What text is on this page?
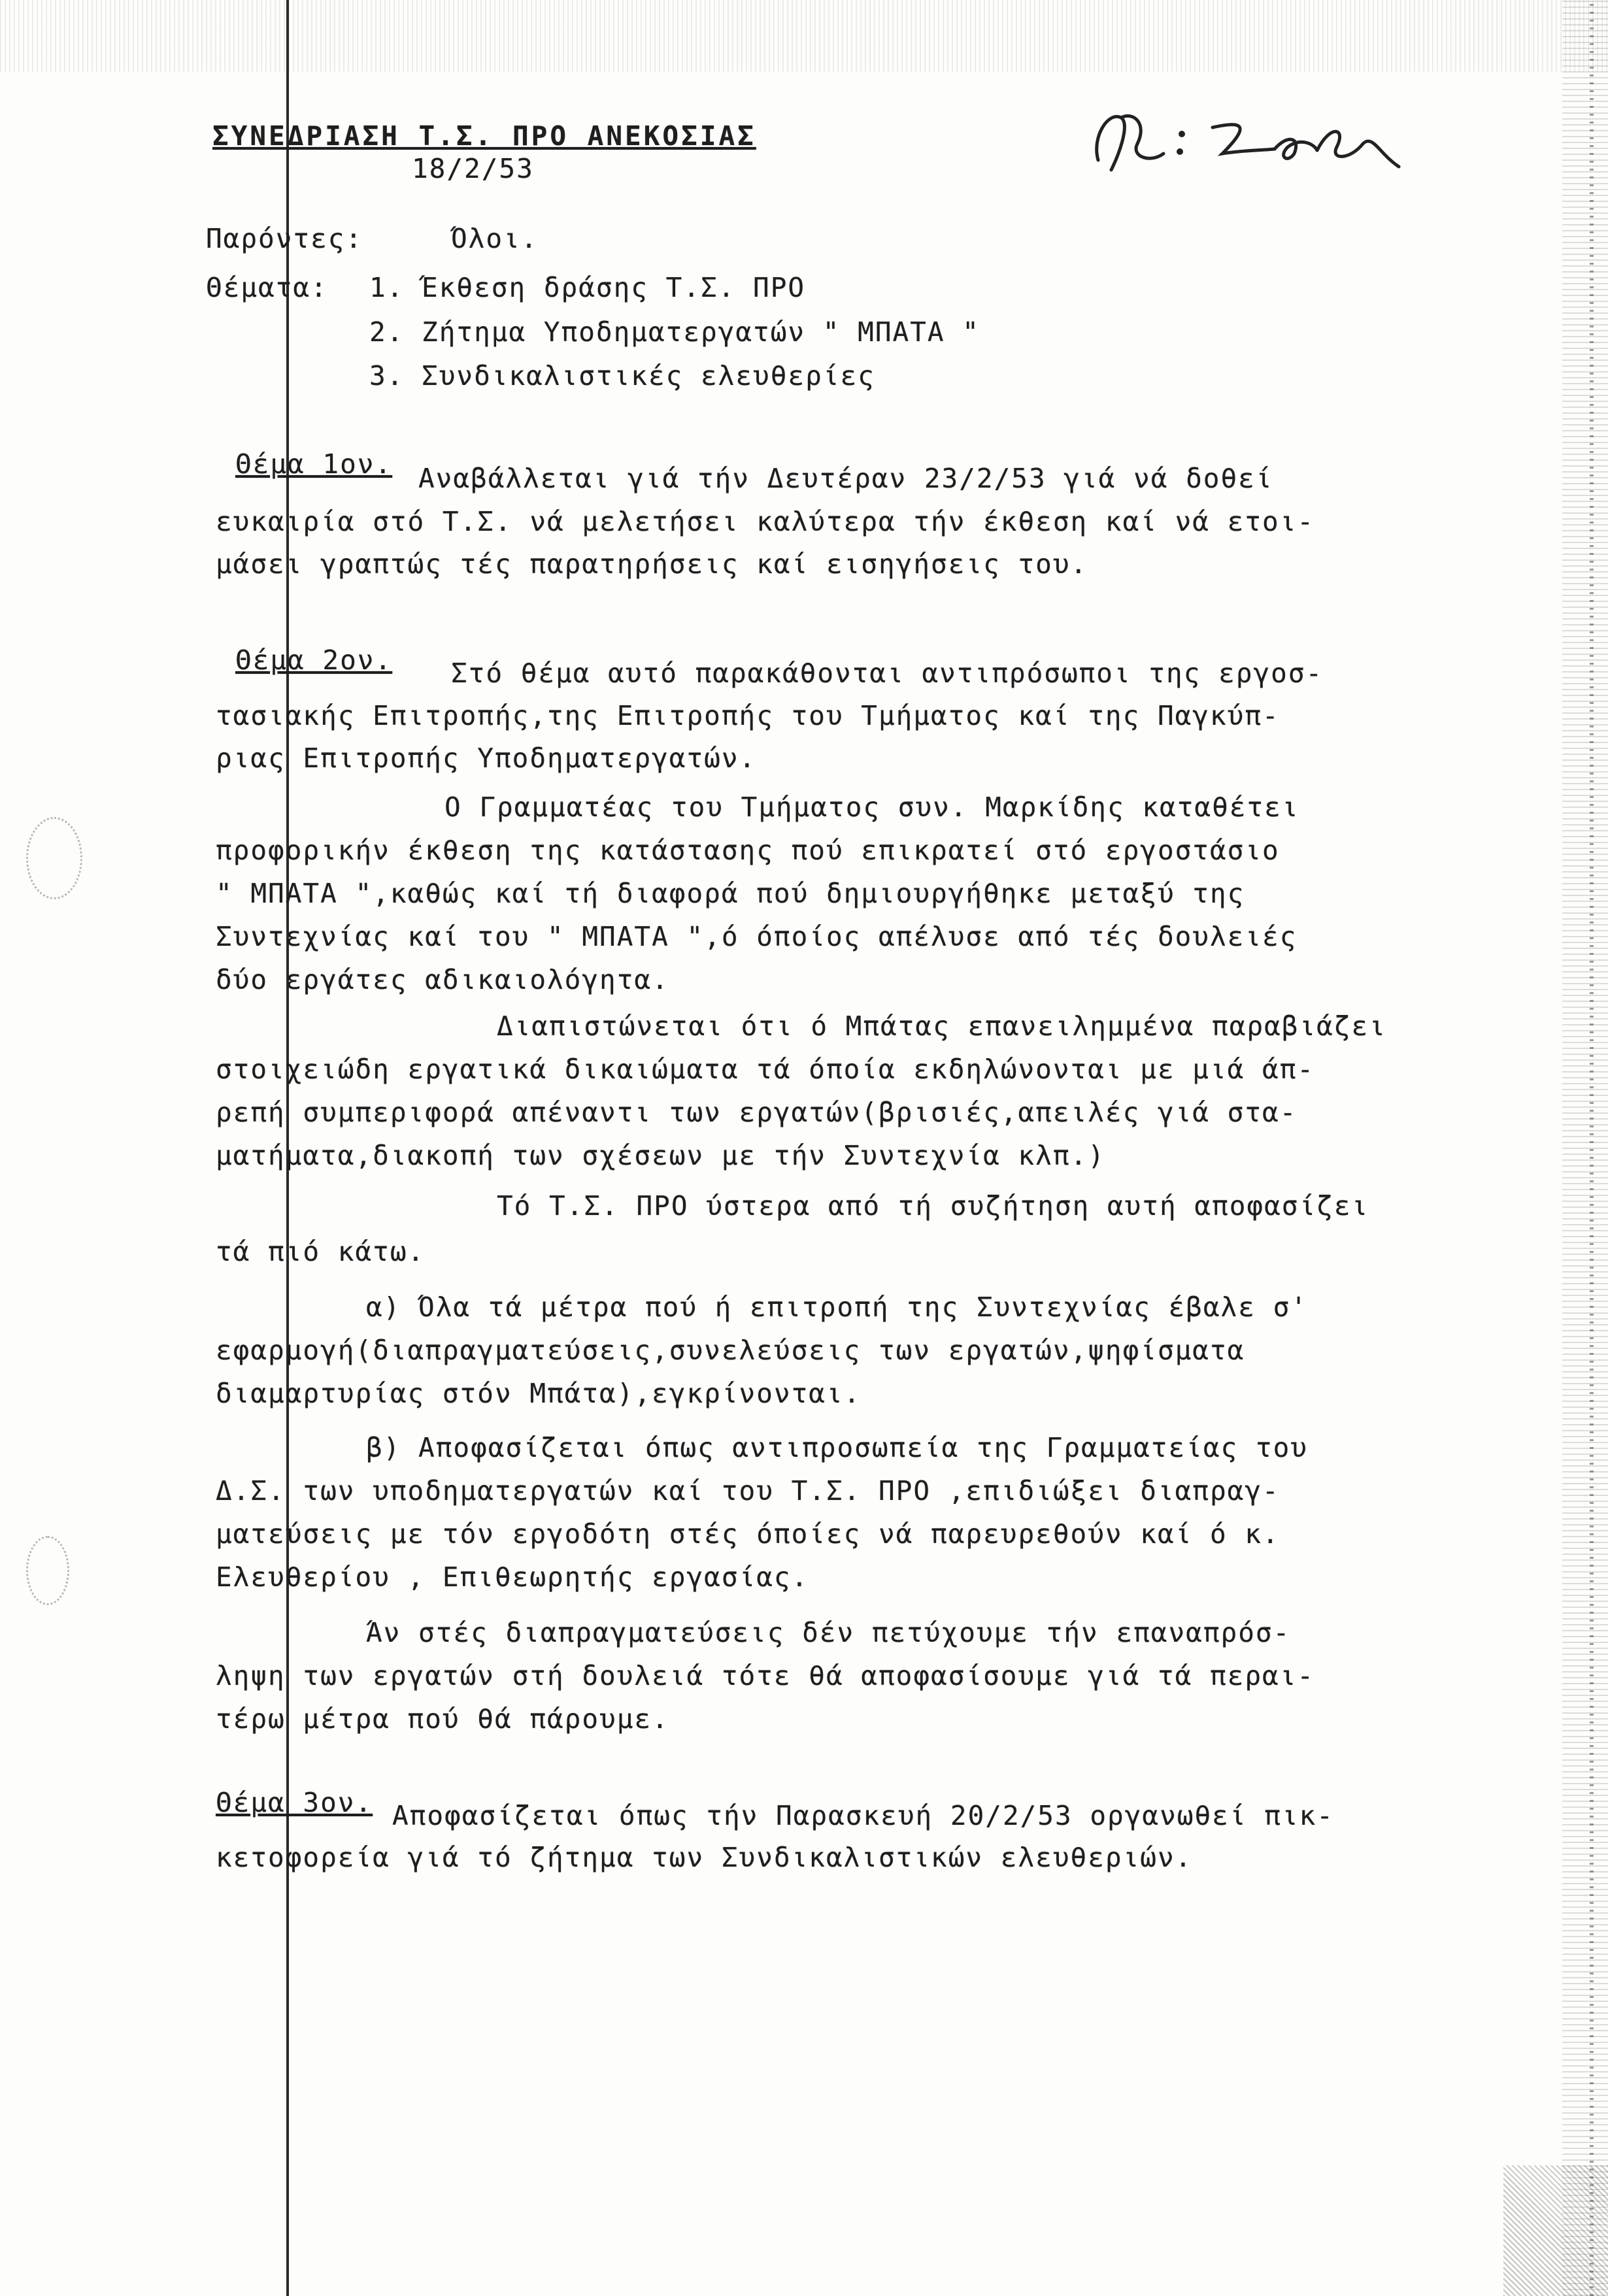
ΣΥΝΕΔΡΙΑΣΗ Τ.Σ. ΠΡΟ ΑΝΕΚΟΣΙΑΣ
18/2/53
Παρόντες:	Όλοι.
Θέματα: 1. Έκθεση δράσης Τ.Σ. ΠΡΟ
2. Ζήτημα Υποδηματεργατών " ΜΠΑΤΑ "
3. Συνδικαλιστικές ελευθερίες
Θέμα 1ον. Αναβάλλεται γιά τήν Δευτέραν 23/2/53 γιά νά δοθεί
ευκαιρία στό Τ.Σ. νά μελετήσει καλύτερα τήν έκθεση καί νά ετοι-
μάσει γραπτώς τές παρατηρήσεις καί εισηγήσεις του.
Θέμα 2ον. Στό θέμα αυτό παρακάθονται αντιπρόσωποι της εργοσ-
τασιακής Επιτροπής,της Επιτροπής του Τμήματος καί της Παγκύπ-
ριας Επιτροπής Υποδηματεργατών.
Ο Γραμματέας του Τμήματος συν. Μαρκίδης καταθέτει
προφορικήν έκθεση της κατάστασης πού επικρατεί στό εργοστάσιο
" ΜΠΑΤΑ ",καθώς καί τή διαφορά πού δημιουργήθηκε μεταξύ της
Συντεχνίας καί του " ΜΠΑΤΑ ",ό όποίος απέλυσε από τές δουλειές
δύο εργάτες αδικαιολόγητα.
Διαπιστώνεται ότι ό Μπάτας επανειλημμένα παραβιάζει
στοιχειώδη εργατικά δικαιώματα τά όποία εκδηλώνονται με μιά άπ-
ρεπή συμπεριφορά απέναντι των εργατών(βρισιές,απειλές γιά στα-
ματήματα,διακοπή των σχέσεων με τήν Συντεχνία κλπ.)
Τό Τ.Σ. ΠΡΟ ύστερα από τή συζήτηση αυτή αποφασίζει
τά πιό κάτω.
α) Όλα τά μέτρα πού ή επιτροπή της Συντεχνίας έβαλε σ'
εφαρμογή(διαπραγματεύσεις,συνελεύσεις των εργατών,ψηφίσματα
διαμαρτυρίας στόν Μπάτα),εγκρίνονται.
β) Αποφασίζεται όπως αντιπροσωπεία της Γραμματείας του
Δ.Σ. των υποδηματεργατών καί του Τ.Σ. ΠΡΟ ,επιδιώξει διαπραγ-
ματεύσεις με τόν εργοδότη στές όποίες νά παρευρεθούν καί ό κ.
Ελευθερίου , Επιθεωρητής εργασίας.
Άν στές διαπραγματεύσεις δέν πετύχουμε τήν επαναπρόσ-
ληψη των εργατών στή δουλειά τότε θά αποφασίσουμε γιά τά περαι-
τέρω μέτρα πού θά πάρουμε.
Θέμα 3ον. Αποφασίζεται όπως τήν Παρασκευή 20/2/53 οργανωθεί πικ-
κετοφορεία γιά τό ζήτημα των Συνδικαλιστικών ελευθεριών.
